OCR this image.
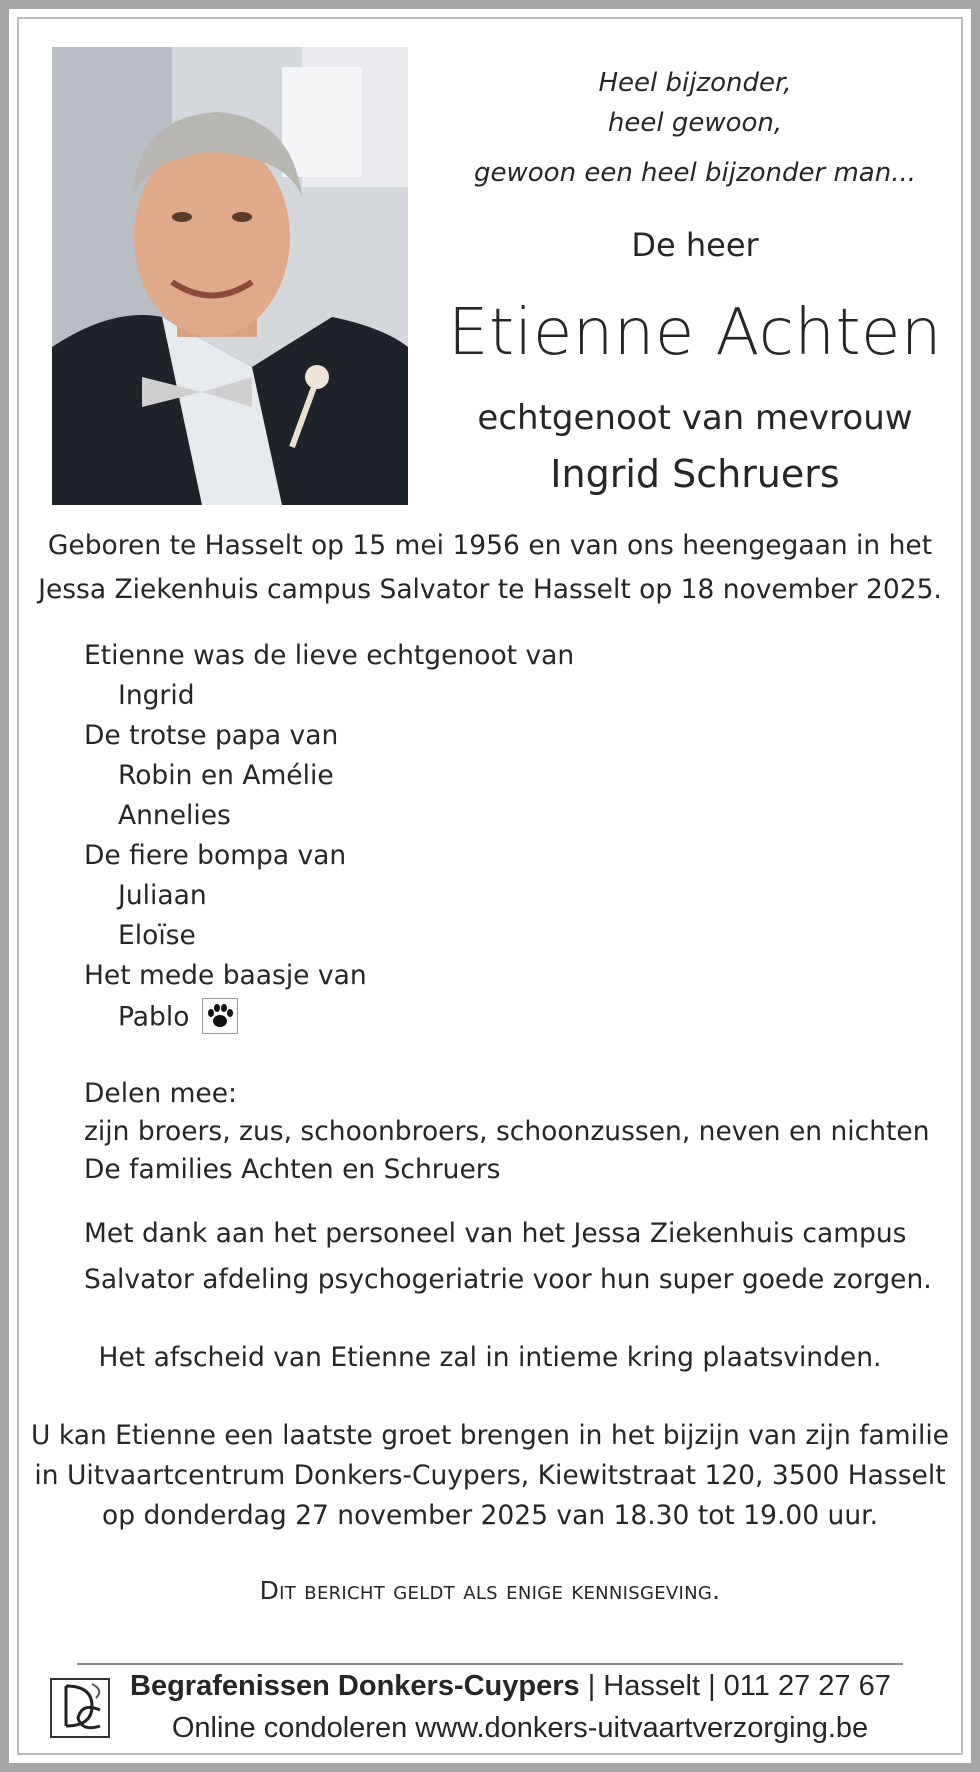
Heel bijzonder,
heel gewoon,
gewoon een heel bijzonder man...
De heer
Etienne Achten
echtgenoot van mevrouw
Ingrid Schruers
Geboren te Hasselt op 15 mei 1956 en van ons heengegaan in het
Jessa Ziekenhuis campus Salvator te Hasselt op 18 november 2025.
Etienne was de lieve echtgenoot van
Ingrid
De trotse papa van
Robin en Amélie
Annelies
De fiere bompa van
Juliaan
Eloïse
Het mede baasje van
Pablo
Delen mee:
zijn broers, zus, schoonbroers, schoonzussen, neven en nichten
De families Achten en Schruers
Met dank aan het personeel van het Jessa Ziekenhuis campus
Salvator afdeling psychogeriatrie voor hun super goede zorgen.
Het afscheid van Etienne zal in intieme kring plaatsvinden.
U kan Etienne een laatste groet brengen in het bijzijn van zijn familie
in Uitvaartcentrum Donkers-Cuypers, Kiewitstraat 120, 3500 Hasselt
op donderdag 27 november 2025 van 18.30 tot 19.00 uur.
Dit bericht geldt als enige kennisgeving.
Begrafenissen Donkers-Cuypers | Hasselt | 011 27 27 67
Online condoleren www.donkers-uitvaartverzorging.be
